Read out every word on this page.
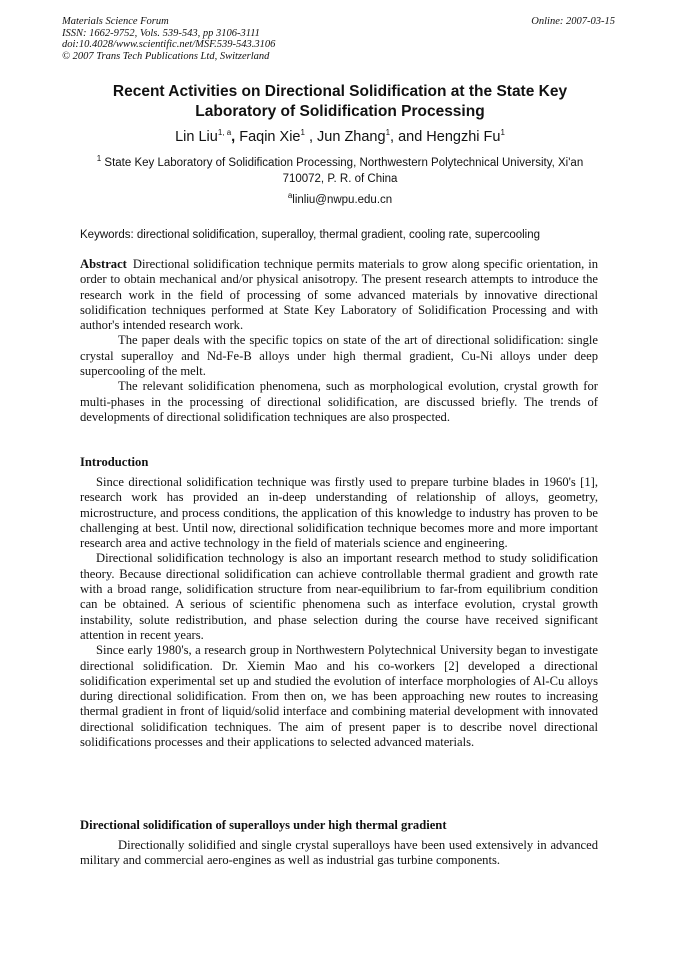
Materials Science Forum
ISSN: 1662-9752, Vols. 539-543, pp 3106-3111
doi:10.4028/www.scientific.net/MSF.539-543.3106
© 2007 Trans Tech Publications Ltd, Switzerland
Online: 2007-03-15
Recent Activities on Directional Solidification at the State Key Laboratory of Solidification Processing
Lin Liu$^{1, a}$, Faqin Xie$^1$ , Jun Zhang$^1$, and Hengzhi Fu$^1$
$^1$ State Key Laboratory of Solidification Processing, Northwestern Polytechnical University, Xi'an 710072, P. R. of China
$^a$linliu@nwpu.edu.cn
Keywords: directional solidification, superalloy, thermal gradient, cooling rate, supercooling

Abstract Directional solidification technique permits materials to grow along specific orientation, in order to obtain mechanical and/or physical anisotropy. The present research attempts to introduce the research work in the field of processing of some advanced materials by innovative directional solidification techniques performed at State Key Laboratory of Solidification Processing and with author's intended research work.

The paper deals with the specific topics on state of the art of directional solidification: single crystal superalloy and Nd-Fe-B alloys under high thermal gradient, Cu-Ni alloys under deep supercooling of the melt.

The relevant solidification phenomena, such as morphological evolution, crystal growth for multi-phases in the processing of directional solidification, are discussed briefly. The trends of developments of directional solidification techniques are also prospected.

Introduction

Since directional solidification technique was firstly used to prepare turbine blades in 1960's [1], research work has provided an in-deep understanding of relationship of alloys, geometry, microstructure, and process conditions, the application of this knowledge to industry has proven to be challenging at best. Until now, directional solidification technique becomes more and more important research area and active technology in the field of materials science and engineering.

Directional solidification technology is also an important research method to study solidification theory. Because directional solidification can achieve controllable thermal gradient and growth rate with a broad range, solidification structure from near-equilibrium to far-from equilibrium condition can be obtained. A serious of scientific phenomena such as interface evolution, crystal growth instability, solute redistribution, and phase selection during the course have received significant attention in recent years.

Since early 1980's, a research group in Northwestern Polytechnical University began to investigate directional solidification. Dr. Xiemin Mao and his co-workers [2] developed a directional solidification experimental set up and studied the evolution of interface morphologies of Al-Cu alloys during directional solidification. From then on, we has been approaching new routes to increasing thermal gradient in front of liquid/solid interface and combining material development with innovated directional solidification techniques. The aim of present paper is to describe novel directional solidifications processes and their applications to selected advanced materials.

Directional solidification of superalloys under high thermal gradient

Directionally solidified and single crystal superalloys have been used extensively in advanced military and commercial aero-engines as well as industrial gas turbine components.
